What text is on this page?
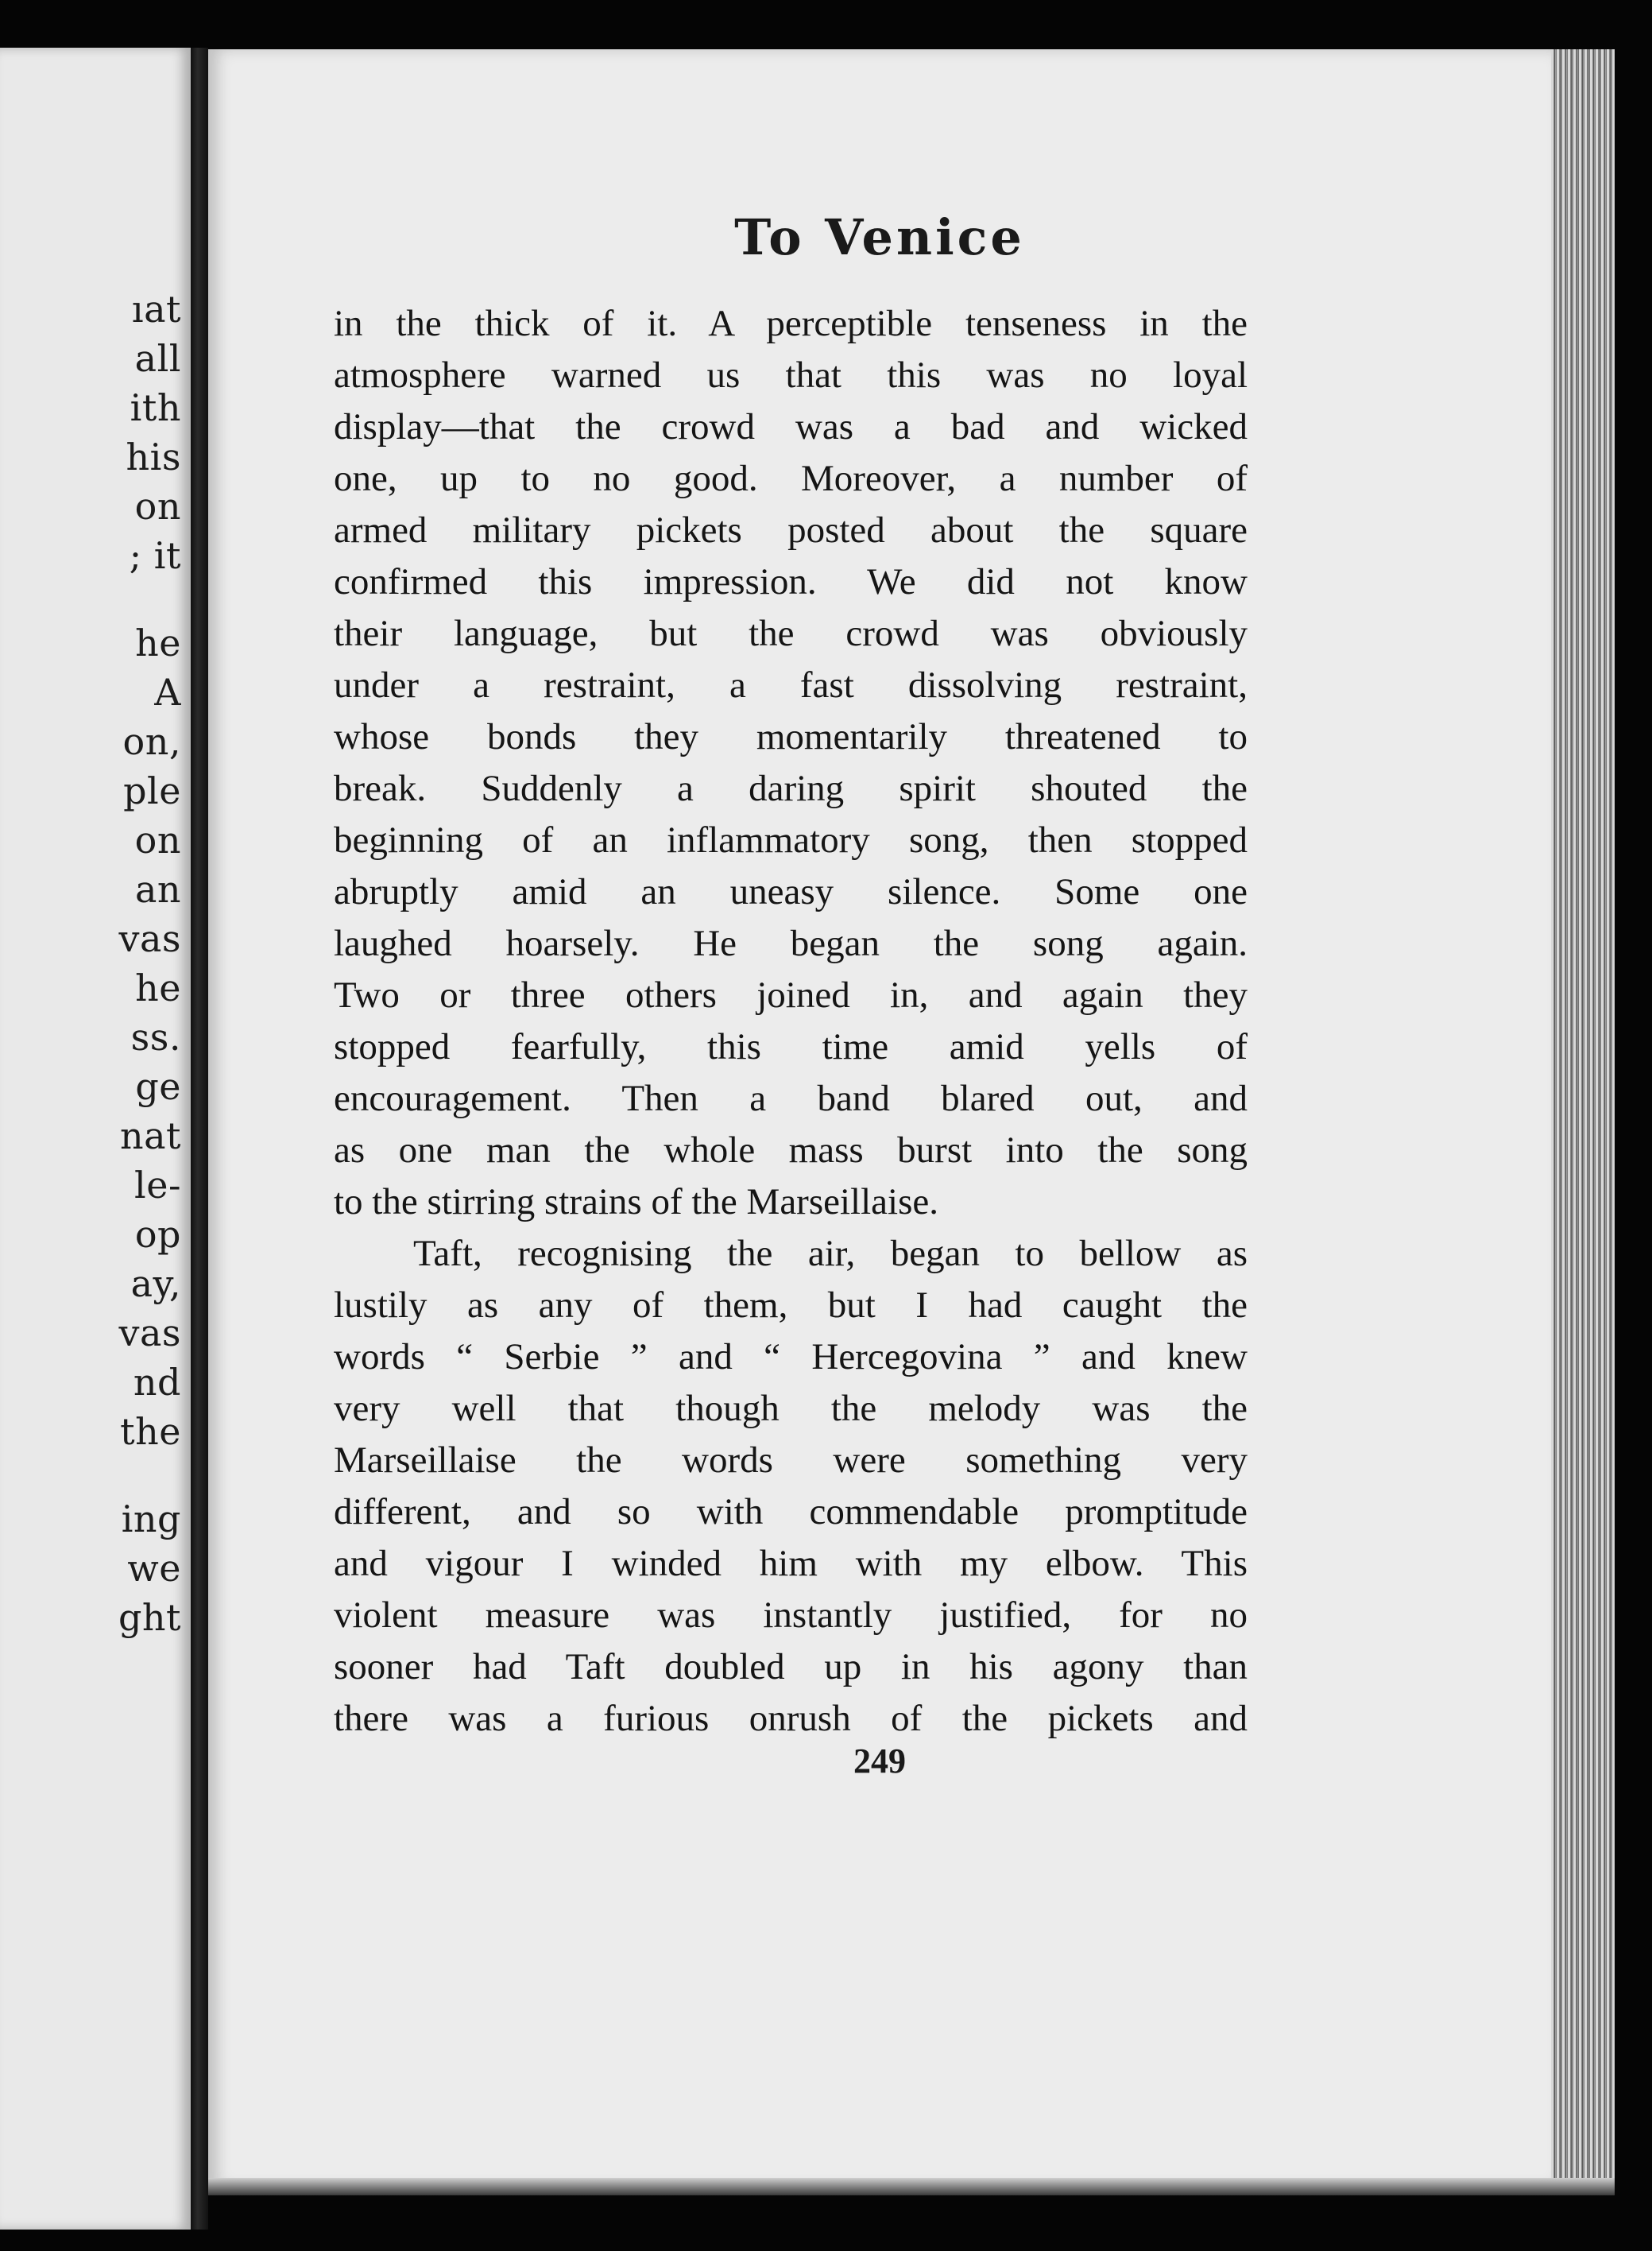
ıat
all
ith
his
on
; it
he
A
on,
ple
on
an
vas
he
ss.
ge
nat
le-
op
ay,
vas
nd
the
ing
we
ght
To Venice
in the thick of it. A perceptible tenseness in the
atmosphere warned us that this was no loyal
display—that the crowd was a bad and wicked
one, up to no good. Moreover, a number of
armed military pickets posted about the square
confirmed this impression. We did not know
their language, but the crowd was obviously
under a restraint, a fast dissolving restraint,
whose bonds they momentarily threatened to
break. Suddenly a daring spirit shouted the
beginning of an inflammatory song, then stopped
abruptly amid an uneasy silence. Some one
laughed hoarsely. He began the song again.
Two or three others joined in, and again they
stopped fearfully, this time amid yells of
encouragement. Then a band blared out, and
as one man the whole mass burst into the song
to the stirring strains of the Marseillaise.
Taft, recognising the air, began to bellow as
lustily as any of them, but I had caught the
words “ Serbie ” and “ Hercegovina ” and knew
very well that though the melody was the
Marseillaise the words were something very
different, and so with commendable promptitude
and vigour I winded him with my elbow. This
violent measure was instantly justified, for no
sooner had Taft doubled up in his agony than
there was a furious onrush of the pickets and
249
